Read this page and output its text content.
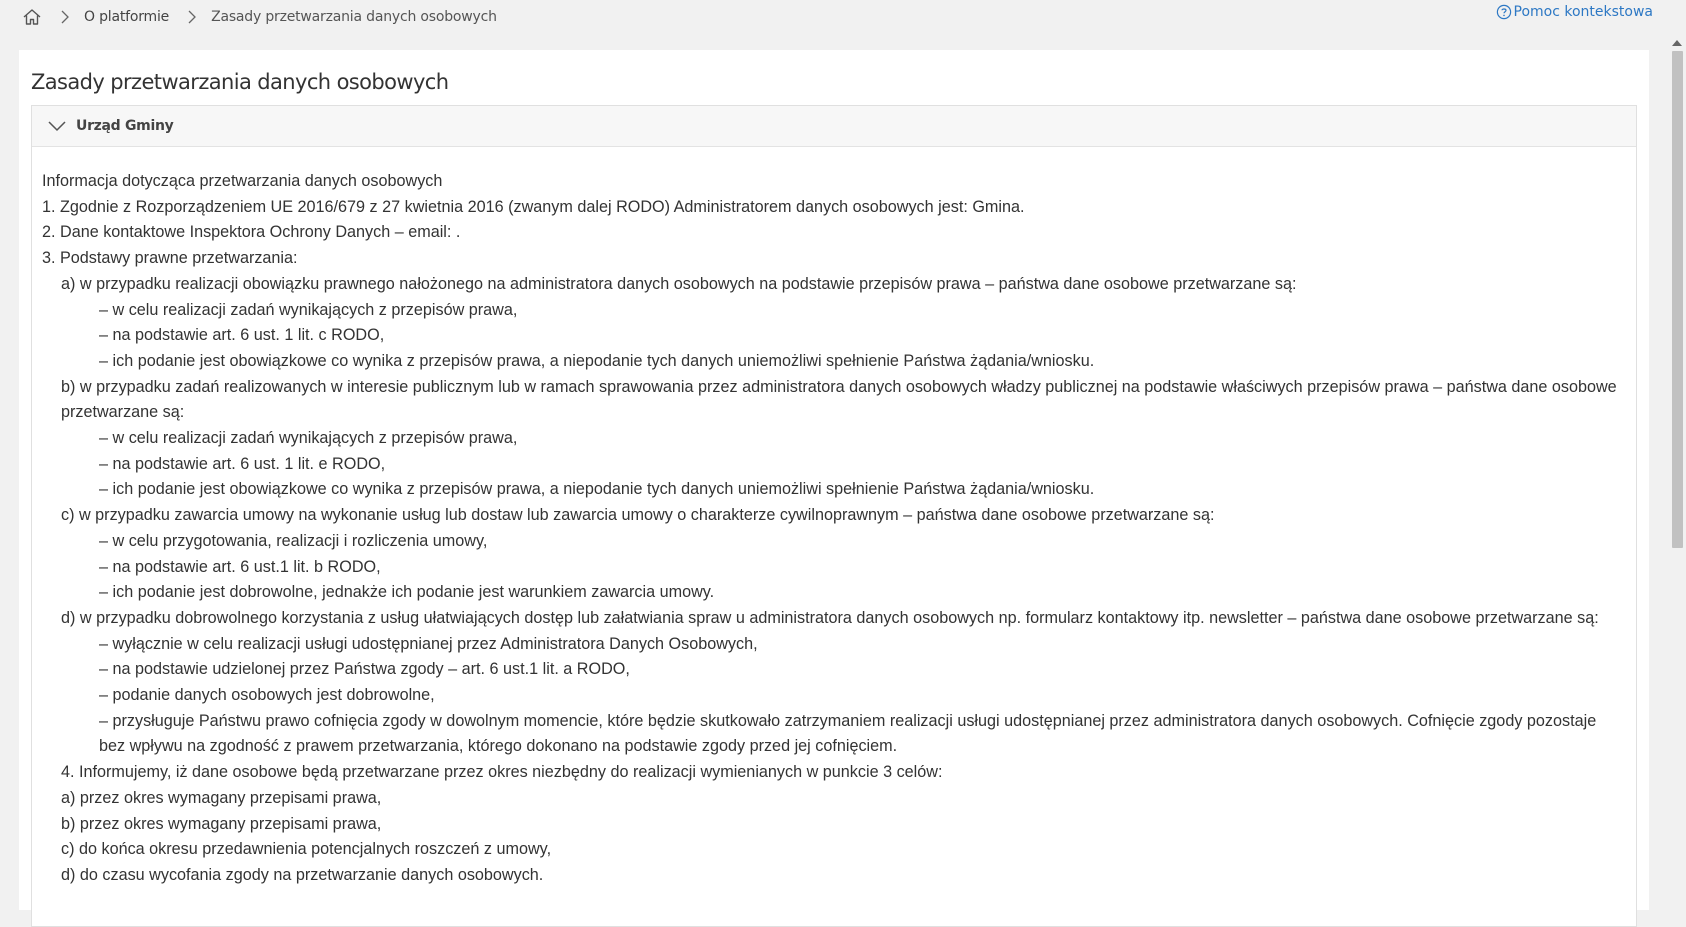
O platformie	Zasady przetwarzania danych osobowych	Pomoc kontekstowa
Zasady przetwarzania danych osobowych
Urząd Gminy

Informacja dotycząca przetwarzania danych osobowych

1. Zgodnie z Rozporządzeniem UE 2016/679 z 27 kwietnia 2016 (zwanym dalej RODO) Administratorem danych osobowych jest: Gmina.

2. Dane kontaktowe Inspektora Ochrony Danych – email: .

3. Podstawy prawne przetwarzania:

a) w przypadku realizacji obowiązku prawnego nałożonego na administratora danych osobowych na podstawie przepisów prawa – państwa dane osobowe przetwarzane są:

– w celu realizacji zadań wynikających z przepisów prawa,

– na podstawie art. 6 ust. 1 lit. c RODO,

– ich podanie jest obowiązkowe co wynika z przepisów prawa, a niepodanie tych danych uniemożliwi spełnienie Państwa żądania/wniosku.

b) w przypadku zadań realizowanych w interesie publicznym lub w ramach sprawowania przez administratora danych osobowych władzy publicznej na podstawie właściwych przepisów prawa – państwa dane osobowe przetwarzane są:

– w celu realizacji zadań wynikających z przepisów prawa,

– na podstawie art. 6 ust. 1 lit. e RODO,

– ich podanie jest obowiązkowe co wynika z przepisów prawa, a niepodanie tych danych uniemożliwi spełnienie Państwa żądania/wniosku.

c) w przypadku zawarcia umowy na wykonanie usług lub dostaw lub zawarcia umowy o charakterze cywilnoprawnym – państwa dane osobowe przetwarzane są:

– w celu przygotowania, realizacji i rozliczenia umowy,

– na podstawie art. 6 ust.1 lit. b RODO,

– ich podanie jest dobrowolne, jednakże ich podanie jest warunkiem zawarcia umowy.

d) w przypadku dobrowolnego korzystania z usług ułatwiających dostęp lub załatwiania spraw u administratora danych osobowych np. formularz kontaktowy itp. newsletter – państwa dane osobowe przetwarzane są:

– wyłącznie w celu realizacji usługi udostępnianej przez Administratora Danych Osobowych,

– na podstawie udzielonej przez Państwa zgody – art. 6 ust.1 lit. a RODO,

– podanie danych osobowych jest dobrowolne,

– przysługuje Państwu prawo cofnięcia zgody w dowolnym momencie, które będzie skutkowało zatrzymaniem realizacji usługi udostępnianej przez administratora danych osobowych. Cofnięcie zgody pozostaje bez wpływu na zgodność z prawem przetwarzania, którego dokonano na podstawie zgody przed jej cofnięciem.

4. Informujemy, iż dane osobowe będą przetwarzane przez okres niezbędny do realizacji wymienianych w punkcie 3 celów:

a) przez okres wymagany przepisami prawa,

b) przez okres wymagany przepisami prawa,

c) do końca okresu przedawnienia potencjalnych roszczeń z umowy,

d) do czasu wycofania zgody na przetwarzanie danych osobowych.
